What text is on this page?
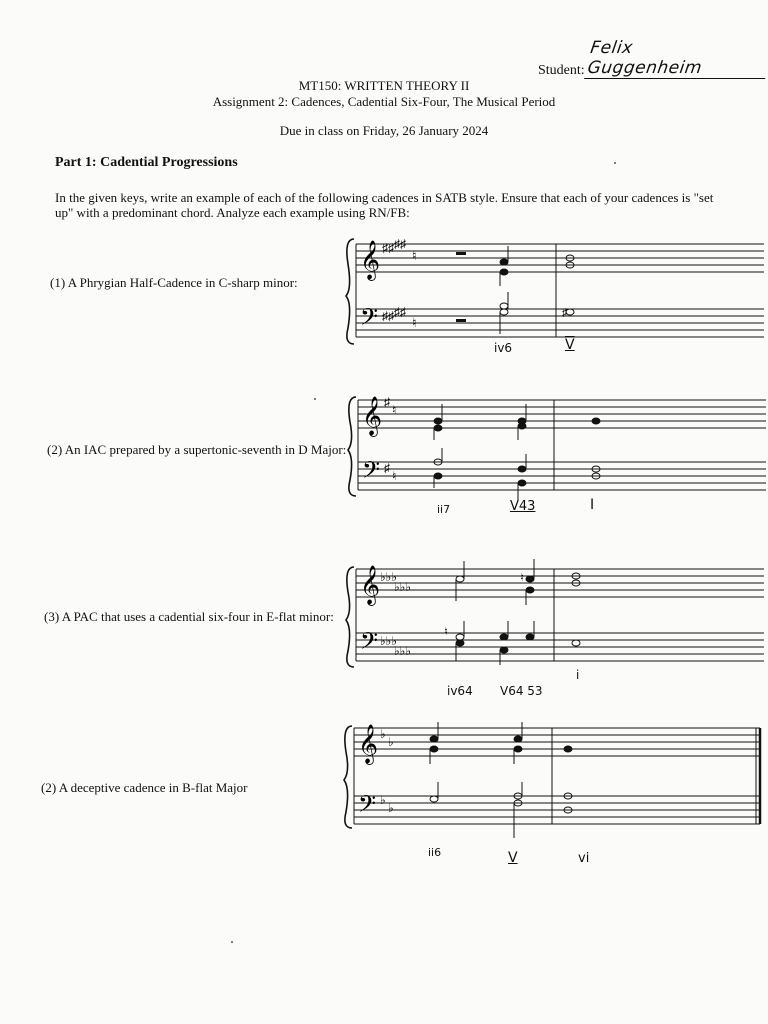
Student:
Felix Guggenheim
MT150: WRITTEN THEORY II
Assignment 2: Cadences, Cadential Six-Four, The Musical Period
Due in class on Friday, 26 January 2024
Part 1: Cadential Progressions
In the given keys, write an example of each of the following cadences in SATB style. Ensure that each of your cadences is "set up" with a predominant chord. Analyze each example using RN/FB:
(1) A Phrygian Half-Cadence in C-sharp minor:
(2) An IAC prepared by a supertonic-seventh in D Major:
(3) A PAC that uses a cadential six-four in E-flat minor:
(2) A deceptive cadence in B-flat Major
𝄞
𝄢
♯♯ ♯♯
♯♯ ♯♯
♮
♮
♯
iv6	V
𝄞
𝄢
♯
♮
♯
♮
ii7	V43	I
𝄞
𝄢
♭♭♭
♭♭♭
♭♭♭
♭♭♭
♮
♮
iv64 V64 53
i
𝄞
𝄢
♭
♭
♭
♭
ii6	V	vi
